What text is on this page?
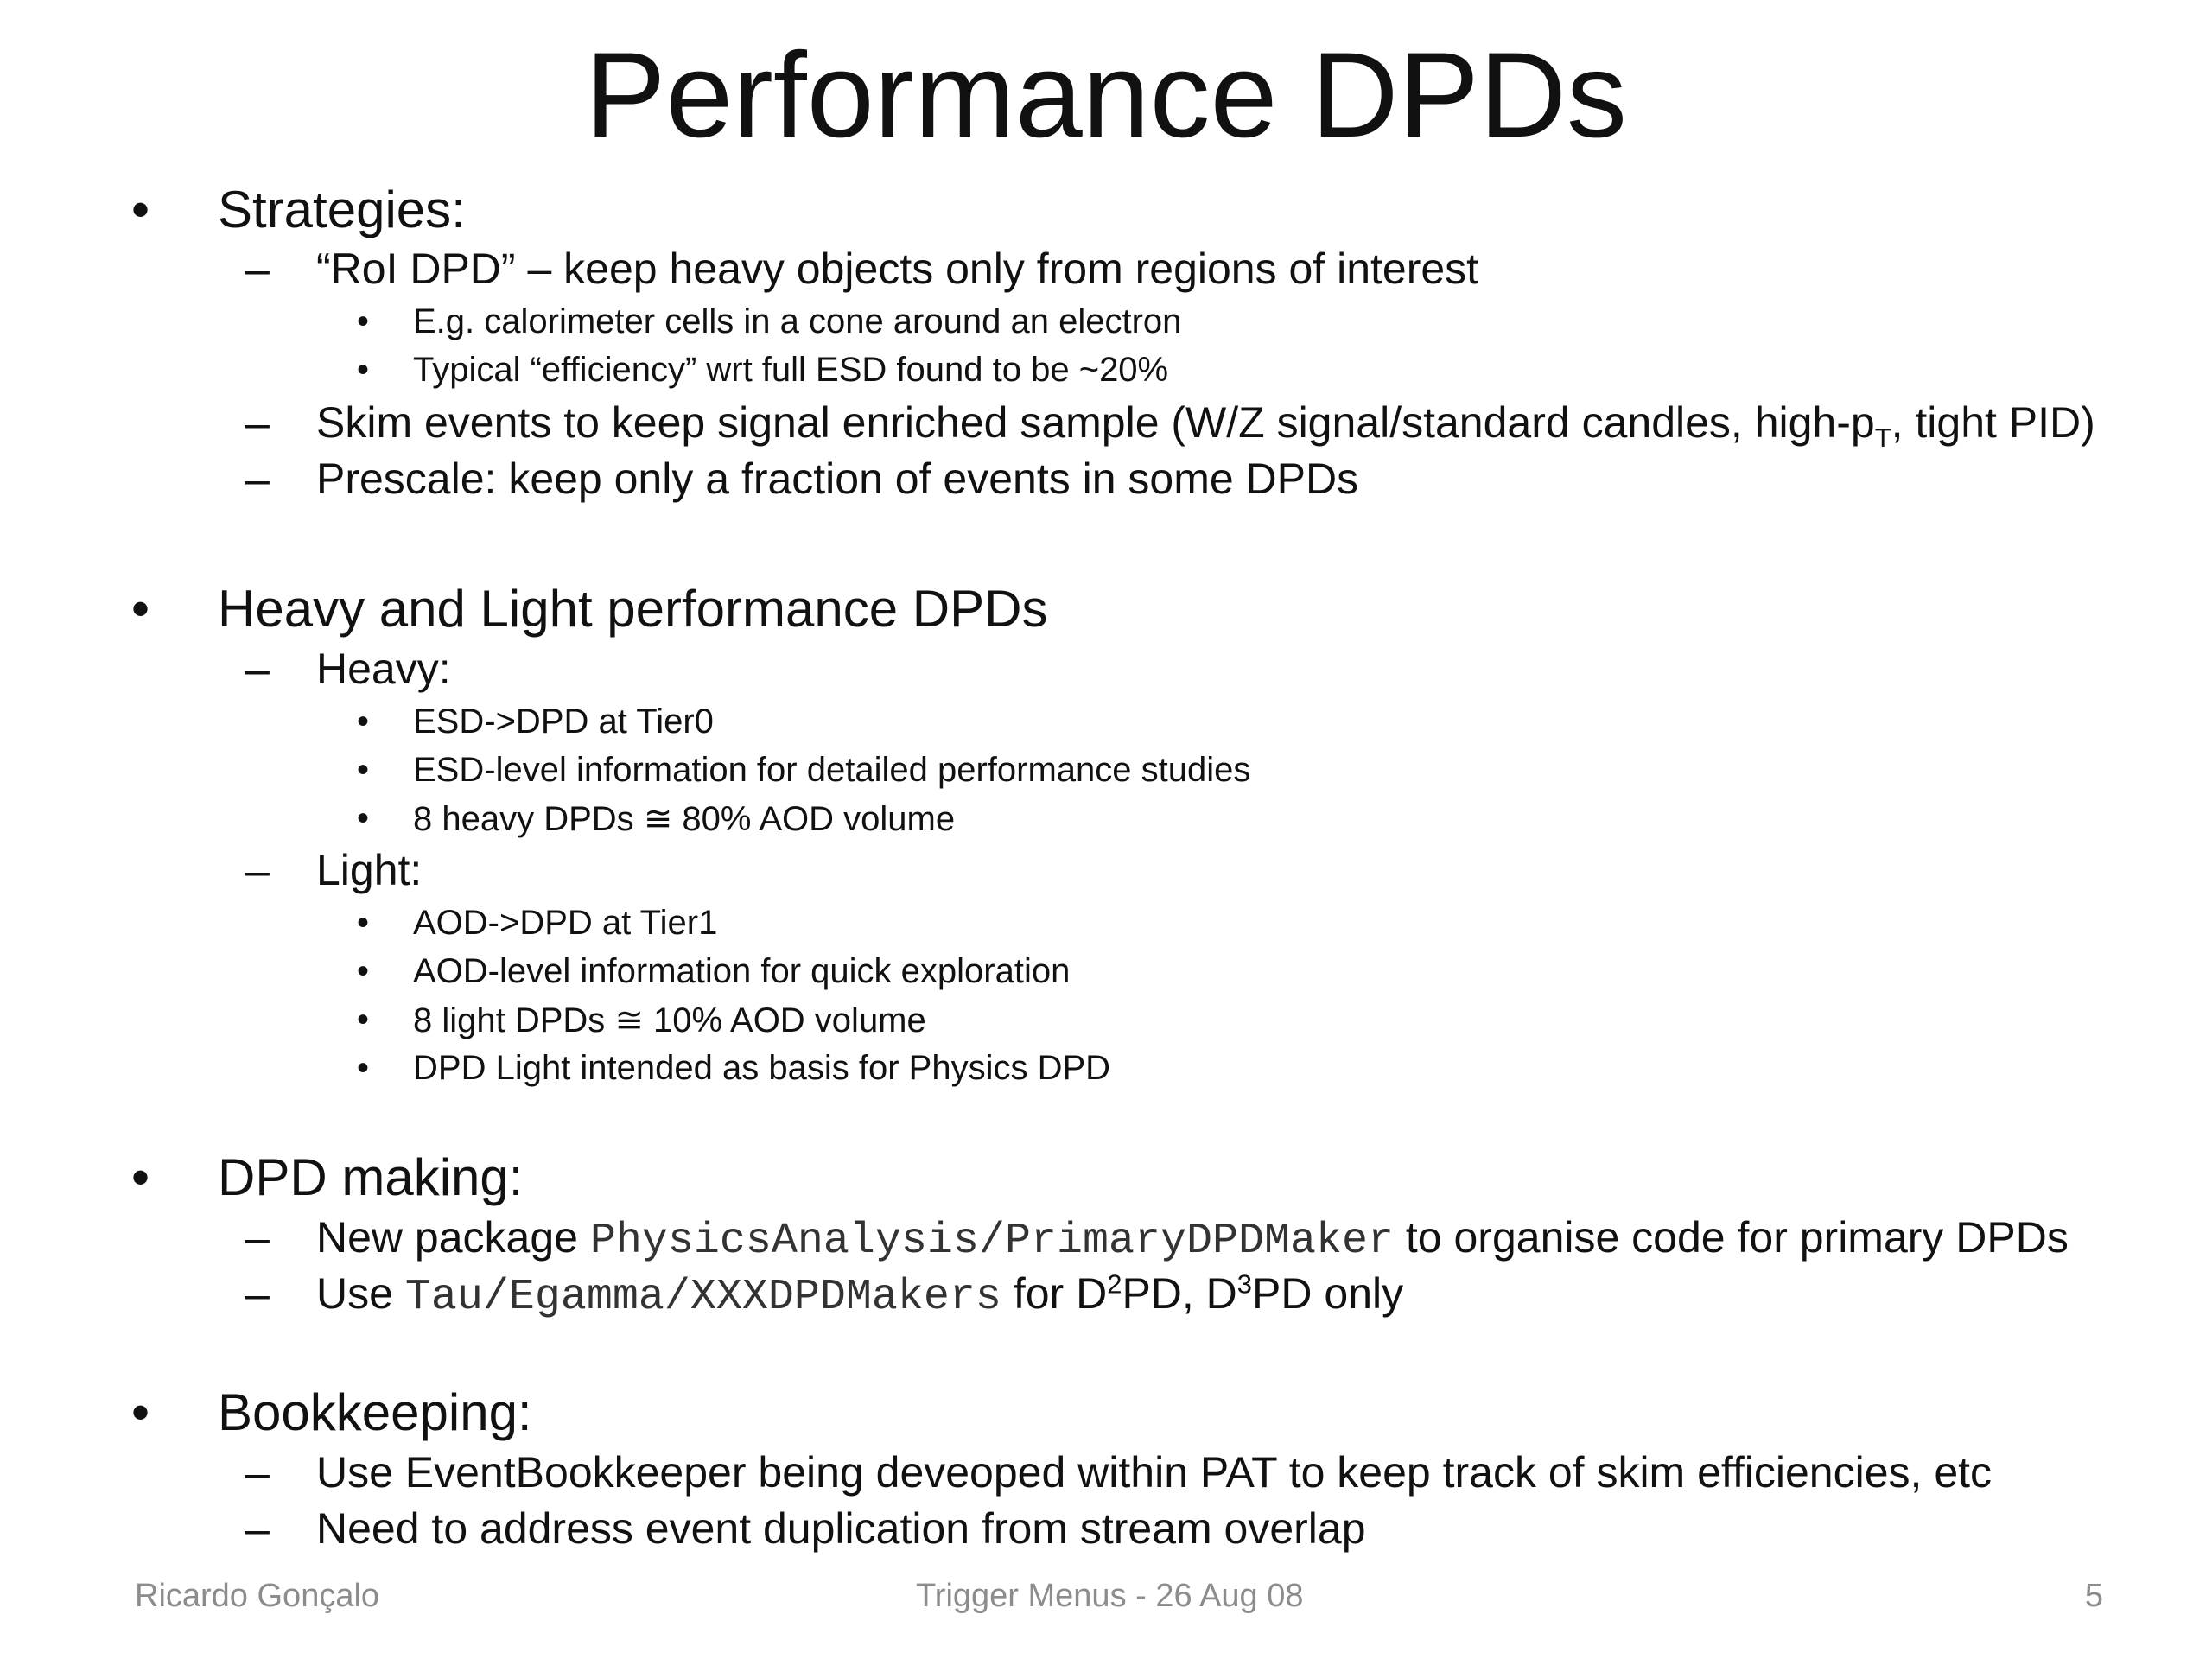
Performance DPDs
• Strategies:
– “RoI DPD” – keep heavy objects only from regions of interest
• E.g. calorimeter cells in a cone around an electron
• Typical “efficiency” wrt full ESD found to be ~20%
– Skim events to keep signal enriched sample (W/Z signal/standard candles, high-$p_T$, tight PID)
– Prescale: keep only a fraction of events in some DPDs
• Heavy and Light performance DPDs
– Heavy:
• ESD->DPD at Tier0
• ESD-level information for detailed performance studies
• 8 heavy DPDs ≅ 80% AOD volume
– Light:
• AOD->DPD at Tier1
• AOD-level information for quick exploration
• 8 light DPDs ≅ 10% AOD volume
• DPD Light intended as basis for Physics DPD
• DPD making:
– New package PhysicsAnalysis/PrimaryDPDMaker to organise code for primary DPDs
– Use Tau/Egamma/XXXDPDMakers for $D^2PD$, $D^3PD$ only
• Bookkeeping:
– Use EventBookkeeper being deveoped within PAT to keep track of skim efficiencies, etc
– Need to address event duplication from stream overlap
Ricardo Gonçalo	Trigger Menus - 26 Aug 08	5
